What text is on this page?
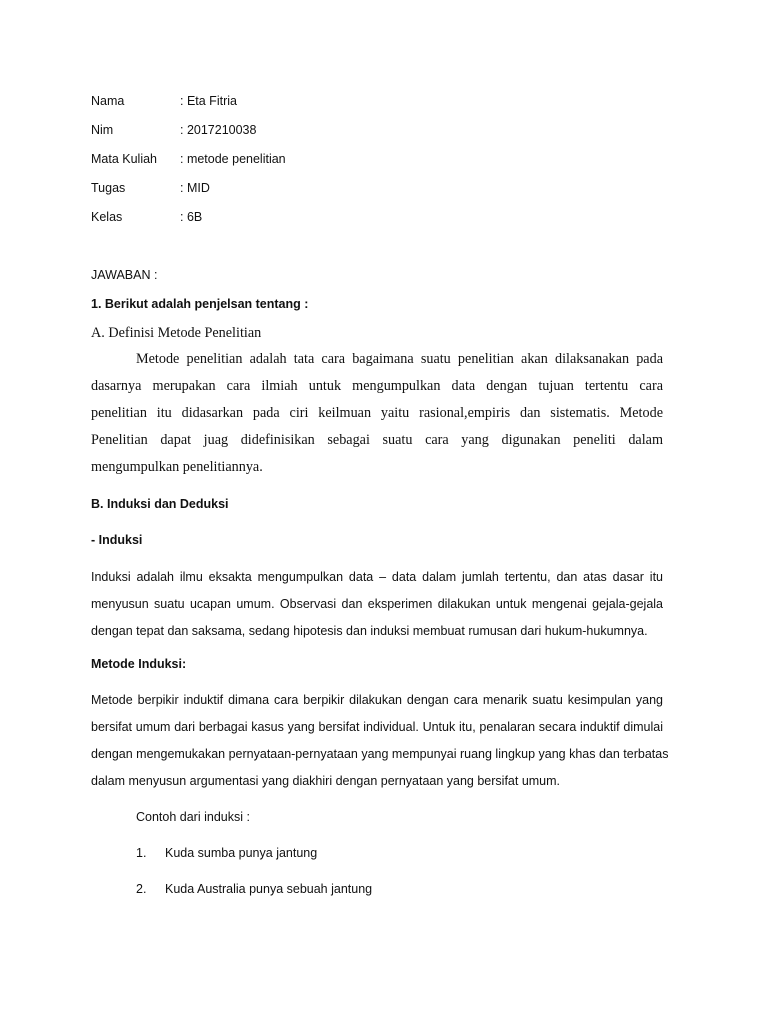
Nama	: Eta Fitria
Nim	: 2017210038
Mata Kuliah : metode penelitian
Tugas	: MID
Kelas	: 6B
JAWABAN :
1. Berikut adalah penjelsan tentang :
A. Definisi Metode Penelitian
Metode penelitian adalah tata cara bagaimana suatu penelitian akan dilaksanakan pada
dasarnya merupakan cara ilmiah untuk mengumpulkan data dengan tujuan tertentu cara
penelitian itu didasarkan pada ciri keilmuan yaitu rasional,empiris dan sistematis. Metode
Penelitian dapat juag didefinisikan sebagai suatu cara yang digunakan peneliti dalam
mengumpulkan penelitiannya.
B. Induksi dan Deduksi
- Induksi
Induksi adalah ilmu eksakta mengumpulkan data – data dalam jumlah tertentu, dan atas dasar itu
menyusun suatu ucapan umum. Observasi dan eksperimen dilakukan untuk mengenai gejala-gejala
dengan tepat dan saksama, sedang hipotesis dan induksi membuat rumusan dari hukum-hukumnya.
Metode Induksi:
Metode berpikir induktif dimana cara berpikir dilakukan dengan cara menarik suatu kesimpulan yang
bersifat umum dari berbagai kasus yang bersifat individual. Untuk itu, penalaran secara induktif dimulai
dengan mengemukakan pernyataan-pernyataan yang mempunyai ruang lingkup yang khas dan terbatas
dalam menyusun argumentasi yang diakhiri dengan pernyataan yang bersifat umum.
Contoh dari induksi :
1. Kuda sumba punya jantung
2. Kuda Australia punya sebuah jantung
